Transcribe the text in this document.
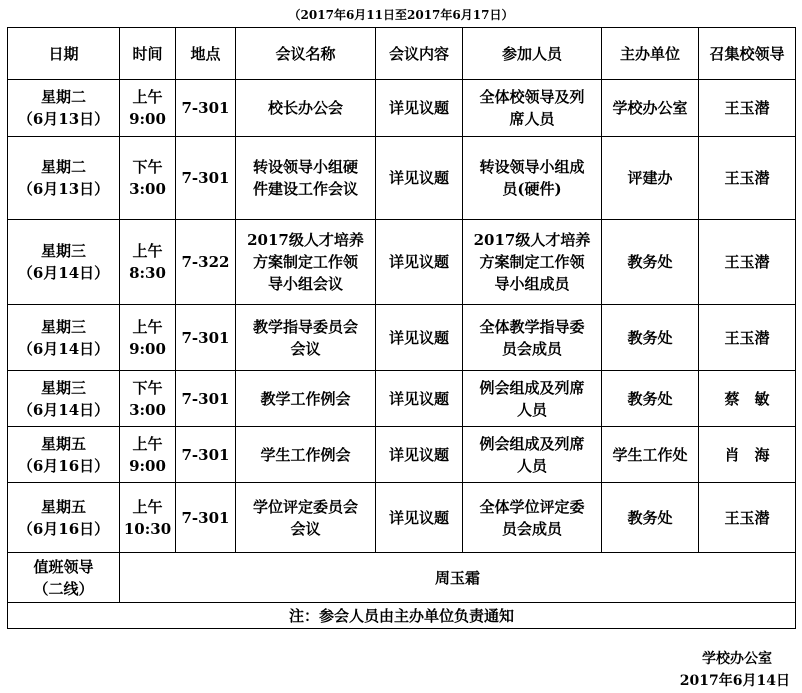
（2017年6月11日至2017年6月17日）
日期	时间	地点	会议名称	会议内容	参加人员	主办单位	召集校领导

星期二
（6月13日）	上午
9:00	7-301	校长办公会	详见议题	全体校领导及列
席人员	学校办公室	王玉潜

星期二
（6月13日）	下午
3:00	7-301	转设领导小组硬
件建设工作会议	详见议题	转设领导小组成
员(硬件)	评建办	王玉潜

星期三
（6月14日）	上午
8:30	7-322	2017级人才培养
方案制定工作领
导小组会议	详见议题	2017级人才培养
方案制定工作领
导小组成员	教务处	王玉潜

星期三
（6月14日）	上午
9:00	7-301	教学指导委员会
会议	详见议题	全体教学指导委
员会成员	教务处	王玉潜

星期三
（6月14日）	下午
3:00	7-301	教学工作例会	详见议题	例会组成及列席
人员	教务处	蔡　敏

星期五
（6月16日）	上午
9:00	7-301	学生工作例会	详见议题	例会组成及列席
人员	学生工作处	肖　海

星期五
（6月16日）	上午
10:30	7-301	学位评定委员会
会议	详见议题	全体学位评定委
员会成员	教务处	王玉潜

值班领导
（二线）	周玉霜						
注：参会人员由主办单位负责通知							
学校办公室
2017年6月14日
